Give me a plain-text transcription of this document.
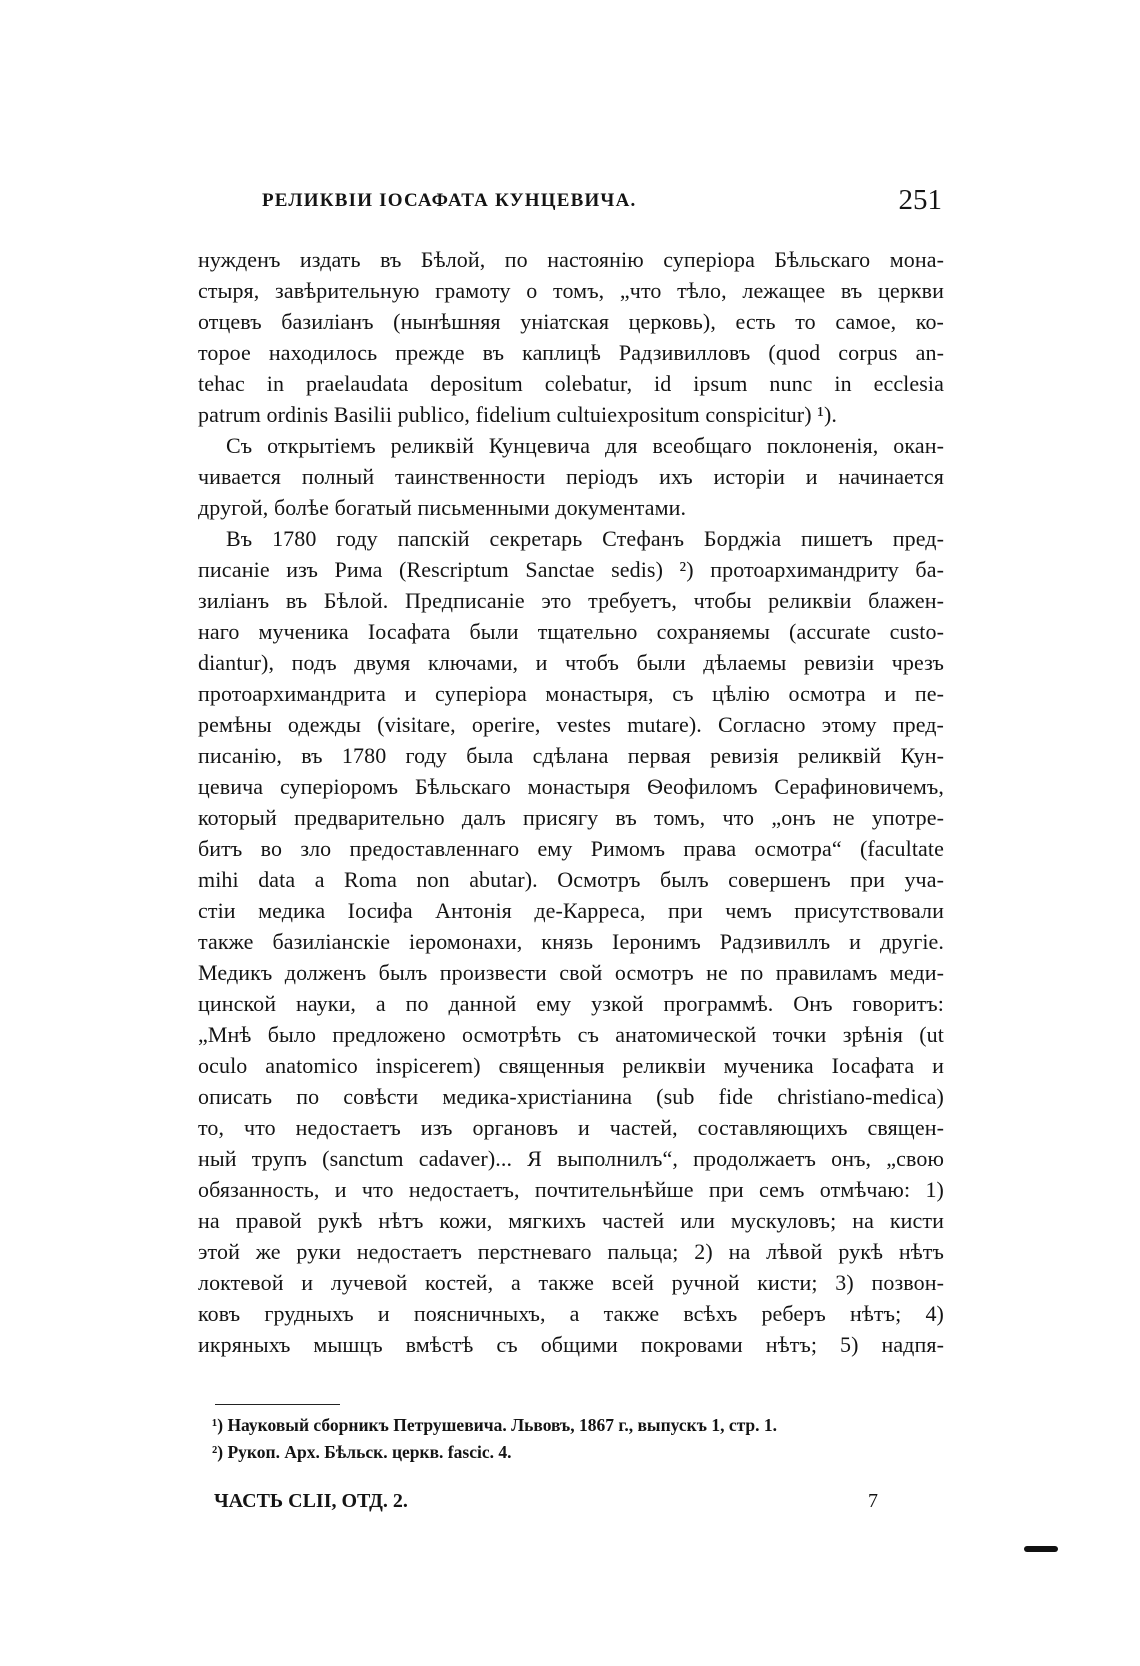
РЕЛИКВІИ ІОСАФАТА КУНЦЕВИЧА.	251
нужденъ издать въ Бѣлой, по настоянію суперіора Бѣльскаго мона-
стыря, завѣрительную грамоту о томъ, „что тѣло, лежащее въ церкви
отцевъ базиліанъ (нынѣшняя уніатская церковь), есть то самое, ко-
торое находилось прежде въ каплицѣ Радзивилловъ (quod corpus an-
tehac in praelaudata depositum colebatur, id ipsum nunc in ecclesia
patrum ordinis Basilii publico, fidelium cultuiexpositum conspicitur) ¹).
Съ открытіемъ реликвій Кунцевича для всеобщаго поклоненія, окан-
чивается полный таинственности періодъ ихъ исторіи и начинается
другой, болѣе богатый письменными документами.
Въ 1780 году папскій секретарь Стефанъ Борджіа пишетъ пред-
писаніе изъ Рима (Rescriptum Sanctae sedis) ²) протоархимандриту ба-
зиліанъ въ Бѣлой. Предписаніе это требуетъ, чтобы реликвіи блажен-
наго мученика Іосафата были тщательно сохраняемы (accurate custo-
diantur), подъ двумя ключами, и чтобъ были дѣлаемы ревизіи чрезъ
протоархимандрита и суперіора монастыря, съ цѣлію осмотра и пе-
ремѣны одежды (visitare, operire, vestes mutare). Согласно этому пред-
писанію, въ 1780 году была сдѣлана первая ревизія реликвій Кун-
цевича суперіоромъ Бѣльскаго монастыря Ѳеофиломъ Серафиновичемъ,
который предварительно далъ присягу въ томъ, что „онъ не употре-
битъ во зло предоставленнаго ему Римомъ права осмотра“ (facultate
mihi data a Roma non abutar). Осмотръ былъ совершенъ при уча-
стіи медика Іосифа Антонія де-Карреса, при чемъ присутствовали
также базиліанскіе іеромонахи, князь Іеронимъ Радзивиллъ и другіе.
Медикъ долженъ былъ произвести свой осмотръ не по правиламъ меди-
цинской науки, а по данной ему узкой программѣ. Онъ говоритъ:
„Мнѣ было предложено осмотрѣть съ анатомической точки зрѣнія (ut
oculo anatomico inspicerem) священныя реликвіи мученика Іосафата и
описать по совѣсти медика-христіанина (sub fide christiano-medica)
то, что недостаетъ изъ органовъ и частей, составляющихъ священ-
ный трупъ (sanctum cadaver)... Я выполнилъ“, продолжаетъ онъ, „свою
обязанность, и что недостаетъ, почтительнѣйше при семъ отмѣчаю: 1)
на правой рукѣ нѣтъ кожи, мягкихъ частей или мускуловъ; на кисти
этой же руки недостаетъ перстневаго пальца; 2) на лѣвой рукѣ нѣтъ
локтевой и лучевой костей, а также всей ручной кисти; 3) позвон-
ковъ грудныхъ и поясничныхъ, а также всѣхъ реберъ нѣтъ; 4)
икряныхъ мышцъ вмѣстѣ съ общими покровами нѣтъ; 5) надпя-
¹) Науковый сборникъ Петрушевича. Львовъ, 1867 г., выпускъ 1, стр. 1.
²) Рукоп. Арх. Бѣльск. церкв. fascic. 4.
ЧАСТЬ CLII, ОТД. 2.	7
